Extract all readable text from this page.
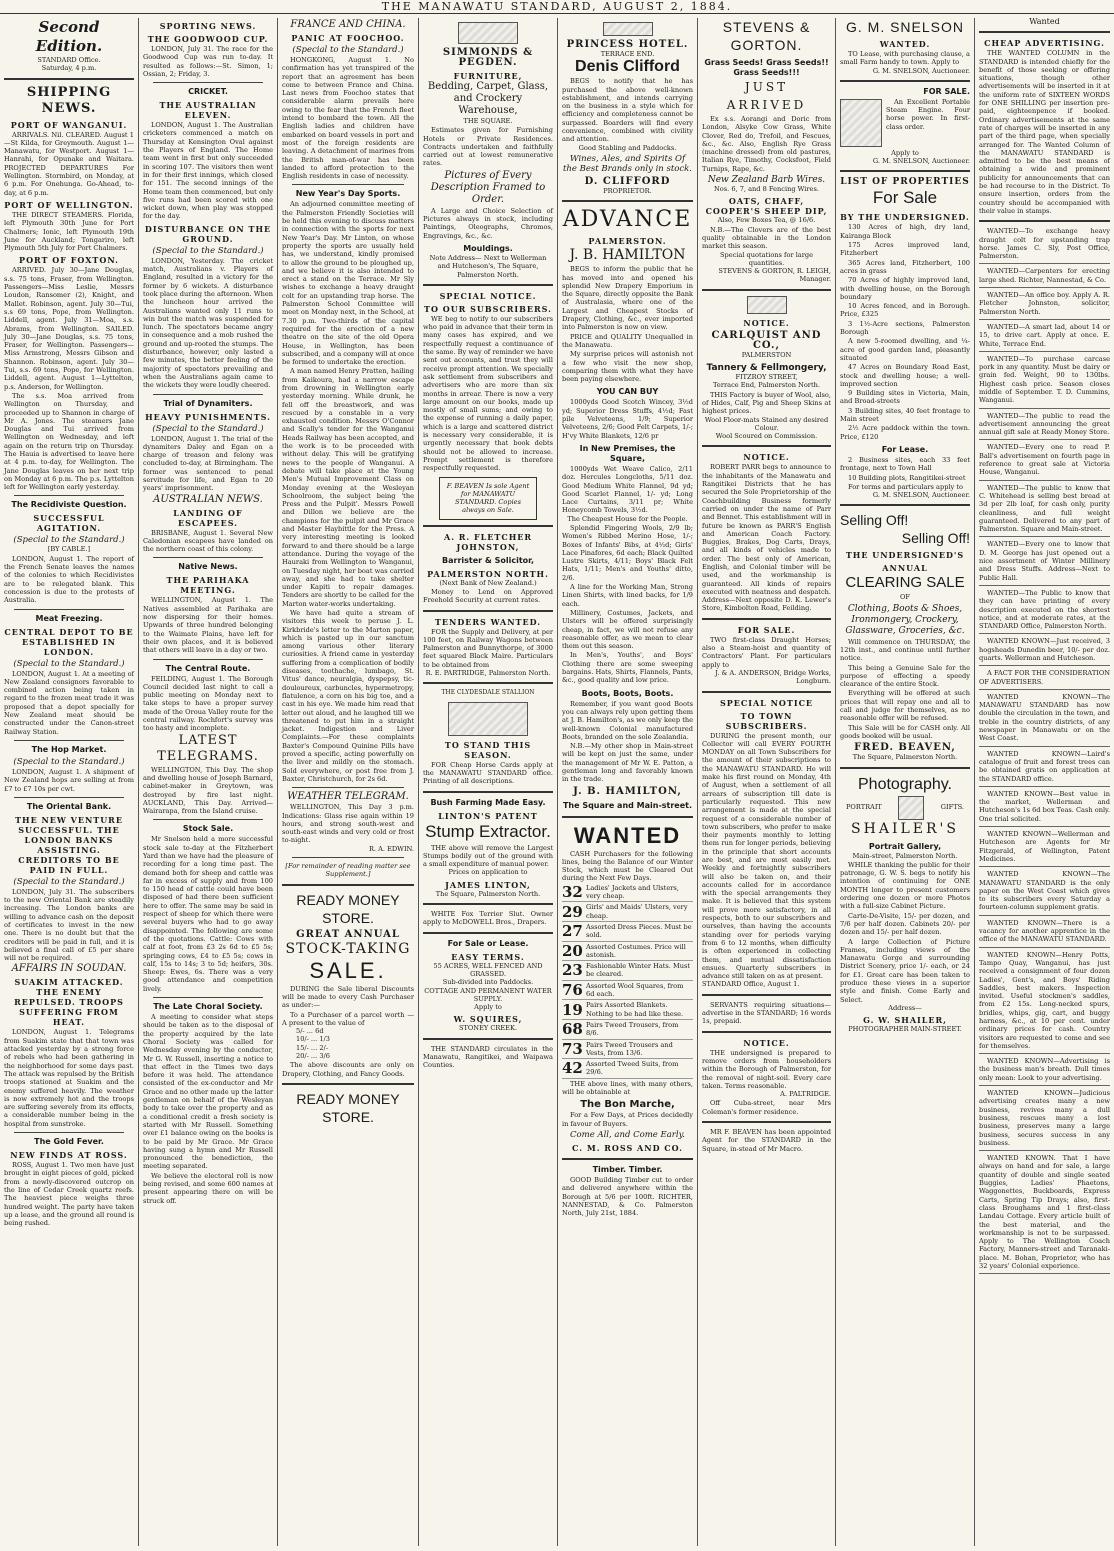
THE MANAWATU STANDARD, AUGUST 2, 1884.
Second Edition.
STANDARD Office.
Saturday, 4 p.m.
SHIPPING NEWS.
PORT OF WANGANUI.
ARRIVALS. Nil. CLEARED. August 1—St Kilda, for Greymouth. August 1—Manawatu, for Westport. August 1—Hanrahi, for Opunake and Waitara. PROJECTED DEPARTURES For Wellington. Stormbird, on Monday, at 6 p.m. For Onehunga. Go-Ahead, to-day, at 6 p.m.
PORT OF WELLINGTON.
THE DIRECT STEAMERS. Florida, left Plymouth 30th June for Port Chalmers; Ionic, left Plymouth 19th June for Auckland; Tongariro, left Plymouth 5th July for Port Chalmers.
PORT OF FOXTON.
ARRIVED. July 30—Jane Douglas, s.s. 75 tons, Fraser, from Wellington. Passengers—Miss Leslie, Messrs Loudon, Ransomer (2), Knight, and Mallet. Robinson, agent. July 30—Tui, s.s 69 tons, Pope, from Wellington. Liddell, agent. July 31—Moa, s.s. Abrams, from Wellington. SAILED. July 30—Jane Douglas, s.s. 75 tons, Fraser, for Wellington. Passengers—Miss Armstrong, Messrs Gibson and Shannon. Robinson, agent. July 30—Tui, s.s. 69 tons, Pope, for Wellington. Liddell, agent. August 1—Lyttelton, p.s. Anderson, for Wellington.
The s.s. Moa arrived from Wellington on Thursday, and proceeded up to Shannon in charge of Mr A. Jones. The steamers Jane Douglas and Tui arrived from Wellington on Wednesday, and left again on the return trip on Thursday. The Hauia is advertised to leave here at 4 p.m. to-day, for Wellington. The Jane Douglas leaves on her next trip on Monday at 6 p.m. The p.s. Lyttelton left for Wellington early yesterday.
The Recidiviste Question.
SUCCESSFUL AGITATION.
(Special to the Standard.)
[BY CABLE.]
LONDON, August 1. The report of the French Senate leaves the names of the colonies to which Recidivistes are to be relegated blank. This concession is due to the protests of Australia.
Meat Freezing.
CENTRAL DEPOT TO BE ESTABLISHED IN LONDON.
(Special to the Standard.)
LONDON, August 1. At a meeting of New Zealand consignors favorable to combined action being taken in regard to the frozen meat trade it was proposed that a depot specially for New Zealand meat should be constructed under the Canon-street Railway Station.
The Hop Market.
(Special to the Standard.)
LONDON, August 1. A shipment of New Zealand hops are selling at from £7 to £7 10s per cwt.
The Oriental Bank.
THE NEW VENTURE SUCCESSFUL. THE LONDON BANKS ASSISTING. CREDITORS TO BE PAID IN FULL.
(Special to the Standard.)
LONDON, July 31. The subscribers to the new Oriental Bank are steadily increasing. The London banks are willing to advance cash on the deposit of certificates to invest in the new one. There is no doubt but that the creditors will be paid in full, and it is believed a final call of £5 per share will not be required.
AFFAIRS IN SOUDAN.
SUAKIM ATTACKED. THE ENEMY REPULSED. TROOPS SUFFERING FROM HEAT.
LONDON, August 1. Telegrams from Suakim state that that town was attacked yesterday by a strong force of rebels who had been gathering in the neighborhood for some days past. The attack was repulsed by the British troops stationed at Suakim and the enemy suffered heavily. The weather is now extremely hot and the troops are suffering severely from its effects, a considerable number being in the hospital from sunstroke.
The Gold Fever.
NEW FINDS AT ROSS.
ROSS, August 1. Two men have just brought in eight pieces of gold, picked from a newly-discovered outcrop on the line of Cedar Creek quartz reefs. The heaviest piece weighs three hundred weight. The party have taken up a lease, and the ground all round is being rushed.
SPORTING NEWS.
THE GOODWOOD CUP.
LONDON, July 31. The race for the Goodwood Cup was run to-day. It resulted as follows:—St. Simon, 1; Ossian, 2; Friday, 3.
CRICKET.
THE AUSTRALIAN ELEVEN.
LONDON, August 1. The Australian cricketers commenced a match on Thursday at Kensington Oval against the Players of England. The Home team went in first but only succeeded in scoring 107. The visitors then went in for their first innings, which closed for 151. The second innings of the Home team then commenced, but only five runs had been scored with one wicket down, when play was stopped for the day.
DISTURBANCE ON THE GROUND.
(Special to the Standard.)
LONDON, Yesterday. The cricket match, Australians v. Players of England, resulted in a victory for the former by 6 wickets. A disturbance took place during the afternoon. When the luncheon hour arrived the Australians wanted only 11 runs to win but the match was suspended for lunch. The spectators became angry in consequence and a mob rushed the ground and up-rooted the stumps. The disturbance, however, only lasted a few minutes, the better feeling of the majority of spectators prevailing and when the Australians again came to the wickets they were loudly cheered.
Trial of Dynamiters.
HEAVY PUNISHMENTS.
(Special to the Standard.)
LONDON, August 1. The trial of the dynamiters Daley and Egan on a charge of treason and felony was concluded to-day, at Birmingham. The former was sentenced to penal servitude for life, and Egan to 20 years' imprisonment.
AUSTRALIAN NEWS.
LANDING OF ESCAPEES.
BRISBANE, August 1. Several New Caledonian escapees have landed on the northern coast of this colony.
Native News.
THE PARIHAKA MEETING.
WELLINGTON, August 1. The Natives assembled at Parihaka are now dispersing for their homes. Upwards of three hundred belonging to the Waimate Plains, have left for their own places, and it is believed that others will leave in a day or two.
The Central Route.
FEILDING, August 1. The Borough Council decided last night to call a public meeting on Monday next to take steps to have a proper survey made of the Oroua Valley route for the central railway. Rochfort's survey was too hasty and incomplete.
LATEST TELEGRAMS.
WELLINGTON, This Day. The shop and dwelling house of Joseph Barnard, cabinet-maker in Greytown, was destroyed by fire last night. AUCKLAND, This Day. Arrived—Wairarapa, from the Island cruise.
Stock Sale.
Mr Snelson held a more successful stock sale to-day at the Fitzherbert Yard than we have had the pleasure of recording for a long time past. The demand both for sheep and cattle was far in excess of supply and from 100 to 150 head of cattle could have been disposed of had there been sufficient here to offer. The same may be said in respect of sheep for which there were several buyers who had to go away disappointed. The following are some of the quotations. Cattle: Cows with calf at foot, from £3 2s 6d to £5 5s; springing cows, £4 to £5 5s; cows in calf, 15s to 14s; 3 to 5d; heifers, 30s. Sheep: Ewes, 6s. There was a very good attendance and competition lively.
The Late Choral Society.
A meeting to consider what steps should be taken as to the disposal of the property acquired by the late Choral Society was called for Wednesday evening by the conductor, Mr G. W. Russell, inserting a notice to that effect in the Times two days before it was held. The attendance consisted of the ex-conductor and Mr Grace and no other made up the latter gentleman on behalf of the Wesleyan body to take over the property and as a conditional credit a fresh society is started with Mr Russell. Something over £1 balance owing on the books is to be paid by Mr Grace. Mr Grace having sung a hymn and Mr Russell pronounced the benediction, the meeting separated.
We believe the electoral roll is now being revised, and some 600 names at present appearing there on will be struck off.
FRANCE AND CHINA.
PANIC AT FOOCHOO.
(Special to the Standard.)
HONGKONG, August 1. No confirmation has yet transpired of the report that an agreement has been come to between France and China. Last news from Foochoo states that considerable alarm prevails here owing to the fear that the French fleet intend to bombard the town. All the English ladies and children have embarked on board vessels in port and most of the foreign residents are leaving. A detachment of marines from the British man-of-war has been landed to afford protection to the English residents in case of necessity.
New Year's Day Sports.
An adjourned committee meeting of the Palmerston Friendly Societies will be held this evening to discuss matters in connection with the sports for next New Year's Day. Mr Linton, on whose property the sports are usually held has, we understand, kindly promised to allow the ground to be ploughed up, and we believe it is also intended to erect a stand on the Terrace. Mr Sly wishes to exchange a heavy draught colt for an upstanding trap horse. The Palmerston School Committee will meet on Monday next, in the School, at 7.30 p.m. Two-thirds of the capital required for the erection of a new theatre on the site of the old Opera House, in Wellington, has been subscribed, and a company will at once be formed to undertake the erection.
A man named Henry Pratten, hailing from Kaikoura, had a narrow escape from drowning in Wellington early yesterday morning. While drunk, he fell off the breastwork, and was rescued by a constable in a very exhausted condition. Messrs O'Connor and Scally's tender for the Wanganui Heads Railway has been accepted, and the work is to be proceeded with without delay. This will be gratifying news to the people of Wanganui. A debate will take place at the Young Men's Mutual Improvement Class on Monday evening at the Wesleyan Schoolroom, the subject being 'the Press and the Pulpit'. Messrs Powell and Dillon we believe are the champions for the pulpit and Mr Grace and Master Haybittle for the Press. A very interesting meeting is looked forward to and there should be a large attendance. During the voyage of the Hauraki from Wellington to Wanganui, on Tuesday night, her boat was carried away, and she had to take shelter under Kapiti to repair damages. Tenders are shortly to be called for the Marton water-works undertaking.
We have had quite a stream of visitors this week to peruse J. L. Kirkbride's letter to the Marton paper, which is pasted up in our sanctum among various other literary curiosities. A friend came in yesterday suffering from a complication of bodily diseases, toothache, lumbago, St. Vitus' dance, neuralgia, dyspepsy, tic-douloureux, carbuncles, hypermetropy, flatulence, a corn on his big toe, and a cast in his eye. We made him read that letter out aloud, and he laughed till we threatened to put him in a straight jacket. Indigestion and Liver Complaints.—For these complaints Baxter's Compound Quinine Pills have proved a specific, acting powerfully on the liver and mildly on the stomach. Sold everywhere, or post free from J. Baxter, Christchurch, for 2s 6d.
WEATHER TELEGRAM.
WELLINGTON, This Day 3 p.m. Indications: Glass rise again within 19 hours, and strong south-west and south-east winds and very cold or frost to-night.
R. A. EDWIN.
[For remainder of reading matter see Supplement.]
READY MONEY STORE.
GREAT ANNUAL
STOCK-TAKING
SALE.
DURING the Sale liberal Discounts will be made to every Cash Purchaser as under:—
To a Purchaser of a parcel worth — A present to the value of
5/- ... 6d
10/- ... 1/3
15/- ... 2/-
20/- ... 3/6
The above discounts are only on Drapery, Clothing, and Fancy Goods.
READY MONEY STORE.
SIMMONDS & PEGDEN.
FURNITURE,
Bedding, Carpet, Glass, and Crockery Warehouse,
THE SQUARE.
Estimates given for Furnishing Hotels or Private Residences. Contracts undertaken and faithfully carried out at lowest remunerative rates.
Pictures of Every Description Framed to Order.
A Large and Choice Selection of Pictures always in stock, including Paintings, Oleographs, Chromos, Engravings, &c., &c.
Mouldings.
Note Address— Next to Wellerman and Hutcheson's, The Square, Palmerston North.
SPECIAL NOTICE.
TO OUR SUBSCRIBERS.
WE beg to notify to our subscribers who paid in advance that their term in many cases has expired, and we respectfully request a continuance of the same. By way of reminder we have sent out accounts, and trust they will receive prompt attention. We specially ask settlement from subscribers and advertisers who are more than six months in arrear. There is now a very large amount on our books, made up mostly of small sums; and owing to the expense of running a daily paper, which is a large and scattered district is necessary very considerable, it is urgently necessary that book debts should not be allowed to increase. Prompt settlement is therefore respectfully requested.
F. BEAVEN Is sole Agent for MANAWATU STANDARD. Copies always on Sale.
A. R. FLETCHER JOHNSTON,
Barrister & Solicitor,
PALMERSTON NORTH.
(Next Bank of New Zealand.)
Money to Lend on Approved Freehold Security at current rates.
TENDERS WANTED.
FOR the Supply and Delivery, at per 100 feet, on Railway Wagons between Palmerston and Bunnythorpe, of 3000 feet squared Black Maire. Particulars to be obtained from
R. E. PARTRIDGE, Palmerston North.
THE CLYDESDALE STALLION
TO STAND THIS SEASON.
FOR Cheap Horse Cards apply at the MANAWATU STANDARD office. Printing of all descriptions.
Bush Farming Made Easy.
LINTON'S PATENT
Stump Extractor.
THE above will remove the Largest Stumps bodily out of the ground with a small expenditure of manual power.
Prices on application to
JAMES LINTON,
The Square, Palmerston North.
WHITE Fox Terrier Slut. Owner apply to McDOWELL Bros., Drapers.
For Sale or Lease.
EASY TERMS.
55 ACRES, WELL FENCED AND GRASSED.
Sub-divided into Paddocks.
COTTAGE AND PERMANENT WATER SUPPLY.
Apply to
W. SQUIRES,
STONEY CREEK.
THE STANDARD circulates in the Manawatu, Rangitikei, and Waipawa Counties.
PRINCESS HOTEL.
TERRACE END.
Denis Clifford
BEGS to notify that he has purchased the above well-known establishment, and intends carrying on the business in a style which for efficiency and completeness cannot be surpassed. Boarders will find every convenience, combined with civility and attention.
Good Stabling and Paddocks.
Wines, Ales, and Spirits Of the Best Brands only in stock.
D. CLIFFORD
PROPRIETOR.
ADVANCE
PALMERSTON.
J. B. HAMILTON
BEGS to inform the public that he has moved into and opened his splendid New Drapery Emporium in the Square, directly opposite the Bank of Australasia, where one of the Largest and Cheapest Stocks of Drapery, Clothing, &c., ever imported into Palmerston is now on view.
PRICE and QUALITY Unequalled in the Manawatu.
My surprise prices will astonish not a few who visit the new shop, comparing them with what they have been paying elsewhere.
YOU CAN BUY
1000yds Good Scotch Wincey, 3½d yd; Superior Dress Stuffs, 4½d; Fast pile Velveteens, 1/9; Superior Velveteens, 2/6; Good Felt Carpets, 1/-; H'vy White Blankets, 12/6 pr
In New Premises, the Square,
1000yds Wet Weave Calico, 2/11 doz. Hercules Longcloths, 5/11 doz. Good Medium White Flannel, 9d yd; Good Scarlet Flannel, 1/- yd; Long Lace Curtains, 3/11 pr; White Honeycomb Towels, 3½d.
The Cheapest House for the People.
Splendid Fingering Wools, 2/9 lb; Women's Ribbed Merino Hose, 1/-; Boxes of Infants' Bibs, at 4½d; Girls' Lace Pinafores, 6d each; Black Quilted Lustre Skirts, 4/11; Boys' Black Felt Hats, 1/11; Men's and Youths' ditto, 2/6.
A line for the Working Man, Strong Linen Shirts, with lined backs, for 1/9 each.
Millinery, Costumes, Jackets, and Ulsters will be offered surprisingly cheap, in fact, we will not refuse any reasonable offer, as we mean to clear them out this season.
In Men's, Youths', and Boys' Clothing there are some sweeping bargains. Hats, Shirts, Flannels, Pants, &c., good quality and low price.
Boots, Boots, Boots.
Remember, if you want good Boots you can always rely upon getting them at J. B. Hamilton's, as we only keep the well-known Colonial manufactured Boots, branded on the sole Zealandia.
N.B.—My other shop in Main-street will be kept on just the same, under the management of Mr W. E. Patton, a gentleman long and favorably known in the trade.
J. B. HAMILTON,
The Square and Main-street.
WANTED
CASH Purchasers for the following lines, being the Balance of our Winter Stock, which must be Cleared Out during the Next Few Days.
32 Ladies' Jackets and Ulsters, very cheap.
29 Girls' and Maids' Ulsters, very cheap.
27 Assorted Dress Pieces. Must be sold.
20 Assorted Costumes. Price will astonish.
23 Fashionable Winter Hats. Must be cleared.
76 Assorted Wool Squares, from 6d each.
19 Pairs Assorted Blankets. Nothing to be had like these.
68 Pairs Tweed Trousers, from 8/6.
73 Pairs Tweed Trousers and Vests, from 13/6.
42 Assorted Tweed Suits, from 29/6.
THE above lines, with many others, will be obtainable at
The Bon Marche,
For a Few Days, at Prices decidedly in favour of Buyers.
Come All, and Come Early.
C. M. ROSS AND CO.
Timber. Timber.
GOOD Building Timber cut to order and delivered anywhere within the Borough at 5/6 per 100ft. RICHTER, NANNESTAD, & Co. Palmerston North, July 21st, 1884.
STEVENS & GORTON.
Grass Seeds! Grass Seeds!! Grass Seeds!!!
JUST ARRIVED
Ex s.s. Aorangi and Doric from London, Alsyke Cow Grass, White Clover, Red do, Trefoil, and Fescues, &c., &c. Also, English Rye Grass (machine dressed) from old pastures, Italian Rye, Timothy, Cocksfoot, Field Turnips, Rape, &c.
New Zealand Barb Wires.
Nos. 6, 7, and 8 Fencing Wires.
OATS, CHAFF, COOPER'S SHEEP DIP,
Also, Few Boxes Tea, @ 16/6.
N.B.—The Clovers are of the best quality obtainable in the London market this season.
Special quotations for large quantities.
STEVENS & GORTON, R. LEIGH, Manager.
NOTICE.
CARLQUIST AND CO.,
PALMERSTON
Tannery & Fellmongery,
FITZROY STREET,
Terrace End, Palmerston North.
THIS Factory is buyer of Wool, also, of Hides, Calf, Pig and Sheep Skins at highest prices.
Wool Floor-mats Stained any desired Colour.
Wool Scoured on Commission.
NOTICE.
ROBERT PARR begs to announce to the inhabitants of the Manawatu and Rangitikei Districts that he has secured the Sole Proprietorship of the Coachbuilding Business formerly carried on under the name of Parr and Bennet. This establishment will in future be known as PARR'S English and American Coach Factory. Buggies, Brakes, Dog Carts, Drays, and all kinds of vehicles made to order. The best only of American, English, and Colonial timber will be used, and the workmanship is guaranteed. All kinds of repairs executed with neatness and despatch. Address—Next opposite D. K. Lewer's Store, Kimbolton Road, Feilding.
FOR SALE.
TWO first-class Draught Horses; also a Steam-hoist and quantity of Contractors' Plant. For particulars apply to
J. & A. ANDERSON, Bridge Works, Longburn.
SPECIAL NOTICE
TO TOWN SUBSCRIBERS.
DURING the present month, our Collector will call EVERY FOURTH MONDAY on all Town Subscribers for the amount of their subscriptions to the MANAWATU STANDARD. He will make his first round on Monday, 4th of August, when a settlement of all arrears of subscription till date is particularly requested. This new arrangement is made at the special request of a considerable number of town subscribers, who prefer to make their payments monthly to letting them run for longer periods, believing in the principle that short accounts are best, and are most easily met. Weekly and fortnightly subscribers will also be taken on, and their accounts called for in accordance with the special arrangements they make. It is believed that this system will prove more satisfactory, in all respects, both to our subscribers and ourselves, than having the accounts standing over for periods varying from 6 to 12 months, when difficulty is often experienced in collecting them, and mutual dissatisfaction ensues. Quarterly subscribers in advance still taken on as at present.
STANDARD Office, August 1.
SERVANTS requiring situations—advertise in the STANDARD; 16 words 1s, prepaid.
NOTICE.
THE undersigned is prepared to remove orders from householders within the Borough of Palmerston, for the removal of night-soil. Every care taken. Terms reasonable.
A. PALTRIDGE.
Off Cuba-street, near Mrs Coleman's former residence.
MR F. BEAVEN has been appointed Agent for the STANDARD in the Square, in-stead of Mr Macro.
G. M. SNELSON
WANTED.
TO Lease, with purchasing clause, a small Farm handy to town. Apply to
G. M. SNELSON, Auctioneer.
FOR SALE.
An Excellent Portable Steam Engine. Four horse power. In first-class order.
Apply to
G. M. SNELSON, Auctioneer.
LIST OF PROPERTIES
For Sale
BY THE UNDERSIGNED.
130 Acres of high, dry land, Kairanga Block
175 Acres improved land, Fitzherbert
365 Acres land, Fitzherbert, 100 acres in grass
70 Acres of highly improved land, with dwelling house, on the Borough boundary
10 Acres fenced, and in Borough. Price, £325
3 1½-Acre sections, Palmerston Borough
A new 5-roomed dwelling, and ¼-acre of good garden land, pleasantly situated
47 Acres on Boundary Road East, stock and dwelling house; a well-improved section
9 Building sites in Victoria, Main, and Broad-streets
3 Building sites, 40 feet frontage to Main street
2½ Acre paddock within the town. Price, £120
For Lease.
2 Business sites, each 33 feet frontage, next to Town Hall
10 Building plots, Rangitikei-street
For terms and particulars apply to
G. M. SNELSON, Auctioneer.
Selling Off!
Selling Off!
THE UNDERSIGNED'S
ANNUAL
CLEARING SALE
OF
Clothing, Boots & Shoes, Ironmongery, Crockery, Glassware, Groceries, &c.
Will commence on THURSDAY, the 12th inst., and continue until further notice.
This being a Genuine Sale for the purpose of effecting a speedy clearance of the entire Stock.
Everything will be offered at such prices that will repay one and all to call and judge for themselves, as no reasonable offer will be refused.
This Sale will be for CASH only. All goods booked will be usual.
FRED. BEAVEN,
The Square, Palmerston North.
Photography.
PORTRAIT	GIFTS.
SHAILER'S
Portrait Gallery,
Main-street, Palmerston North.
WHILE thanking the public for their patronage, G. W. S. begs to notify his intention of continuing for ONE MONTH longer to present customers ordering one dozen or more Photos with a full-size Cabinet Picture.
Carte-De-Visite, 15/- per dozen, and 7/6 per half dozen. Cabinets 20/- per dozen and 15/- per half dozen.
A large Collection of Picture Frames, including views of the Manawatu Gorge and surrounding District Scenery, price 1/- each, or 24 for £1. Great care has been taken to produce these views in a superior style and finish. Come Early and Select.
Address—
G. W. SHAILER,
PHOTOGRAPHER MAIN-STREET.
Wanted
CHEAP ADVERTISING.
THE WANTED COLUMN in the STANDARD is intended chiefly for the benefit of those seeking or offering situations, though other advertisements will be inserted in it at the uniform rate of SIXTEEN WORDS for ONE SHILLING per insertion pre-paid, eighteenpence if booked. Ordinary advertisements at the same rate of charges will be inserted in any part of the third page, when specially arranged for. The Wanted Column of the MANAWATU STANDARD is admitted to be the best means of obtaining a wide and prominent publicity for announcements that can be had recourse to in the District. To ensure insertion, orders from the country should be accompanied with their value in stamps.
WANTED—To exchange heavy draught colt for upstanding trap horse. James C. Sly, Post Office, Palmerston.
WANTED—Carpenters for erecting large shed. Richter, Nannestad, & Co.
WANTED—An office boy. Apply A. R. Fletcher Johnston, solicitor, Palmerston North.
WANTED—A smart lad, about 14 or 15, to drive cart. Apply at once. E. White, Terrace End.
WANTED—To purchase carcase pork in any quantity. Must be dairy or grain fed. Weight, 90 to 130lbs. Highest cash price. Season closes middle of September. T. D. Cummins, Wanganui.
WANTED—The public to read the advertisement announcing the great annual gift sale at Ready Money Store.
WANTED—Every one to read P. Ball's advertisement on fourth page in reference to great sale at Victoria House, Wanganui.
WANTED—The public to know that C. Whitehead is selling best bread at 3d per 2lb loaf, for cash only, purity cleanliness, and full weight guaranteed. Delivered to any part of Palmerston. Square and Main-street.
WANTED—Every one to know that D. M. George has just opened out a nice assortment of Winter Millinery and Dress Stuffs. Address—Next to Public Hall.
WANTED—The Public to know that they can have printing of every description executed on the shortest notice, and at moderate rates, at the STANDARD Office, Palmerston North.
WANTED KNOWN—Just received, 3 hogsheads Dunedin beer, 10/- per doz. quarts. Wellerman and Hutcheson.
A FACT FOR THE CONSIDERATION OF ADVERTISERS.
WANTED KNOWN—The MANAWATU STANDARD has now double the circulation in the town, and treble in the country districts, of any newspaper in Manawatu or on the West Coast.
WANTED KNOWN—Laird's catalogue of fruit and forest trees can be obtained gratis on application at the STANDARD office.
WANTED KNOWN—Best value in the market, Wellerman and Hutcheson's 1s 6d box Teas. Cash only. One trial solicited.
WANTED KNOWN—Wellerman and Hutcheson are Agents for Mr Fitzgerald, of Wellington, Patent Medicines.
WANTED KNOWN—The MANAWATU STANDARD is the only paper on the West Coast which gives to its subscribers every Saturday a fourteen-column supplement gratis.
WANTED KNOWN—There is a vacancy for another apprentice in the office of the MANAWATU STANDARD.
WANTED KNOWN—Henry Potts, Tampo Quay, Wanganui, has just received a consignment of four dozen Ladies', Gent's, and Boys' Riding Saddles, best makers. Inspection invited. Useful stockmen's saddles, from £2 15s. Long-necked spurs, bridles, whips, gig, cart, and buggy harness, &c., at 10 per cent. under ordinary prices for cash. Country visitors are requested to come and see for themselves.
WANTED KNOWN—Advertising is the business man's breath. Dull times only mean: Look to your advertising.
WANTED KNOWN—Judicious advertising creates many a new business, revives many a dull business, rescues many a lost business, preserves many a large business, secures success in any business.
WANTED KNOWN. That I have always on hand and for sale, a large quantity of double and single seated Buggies, Ladies' Phaetons, Waggonettes, Buckboards, Express Carts, Spring Tip Drays; also, first-class Broughams and 1 first-class Landau Cottage. Every article built of the best material, and the workmanship is not to be surpassed. Apply to The Wellington Coach Factory, Manners-street and Taranaki-place. M. Bohan, Proprietor, who has 32 years' Colonial experience.
